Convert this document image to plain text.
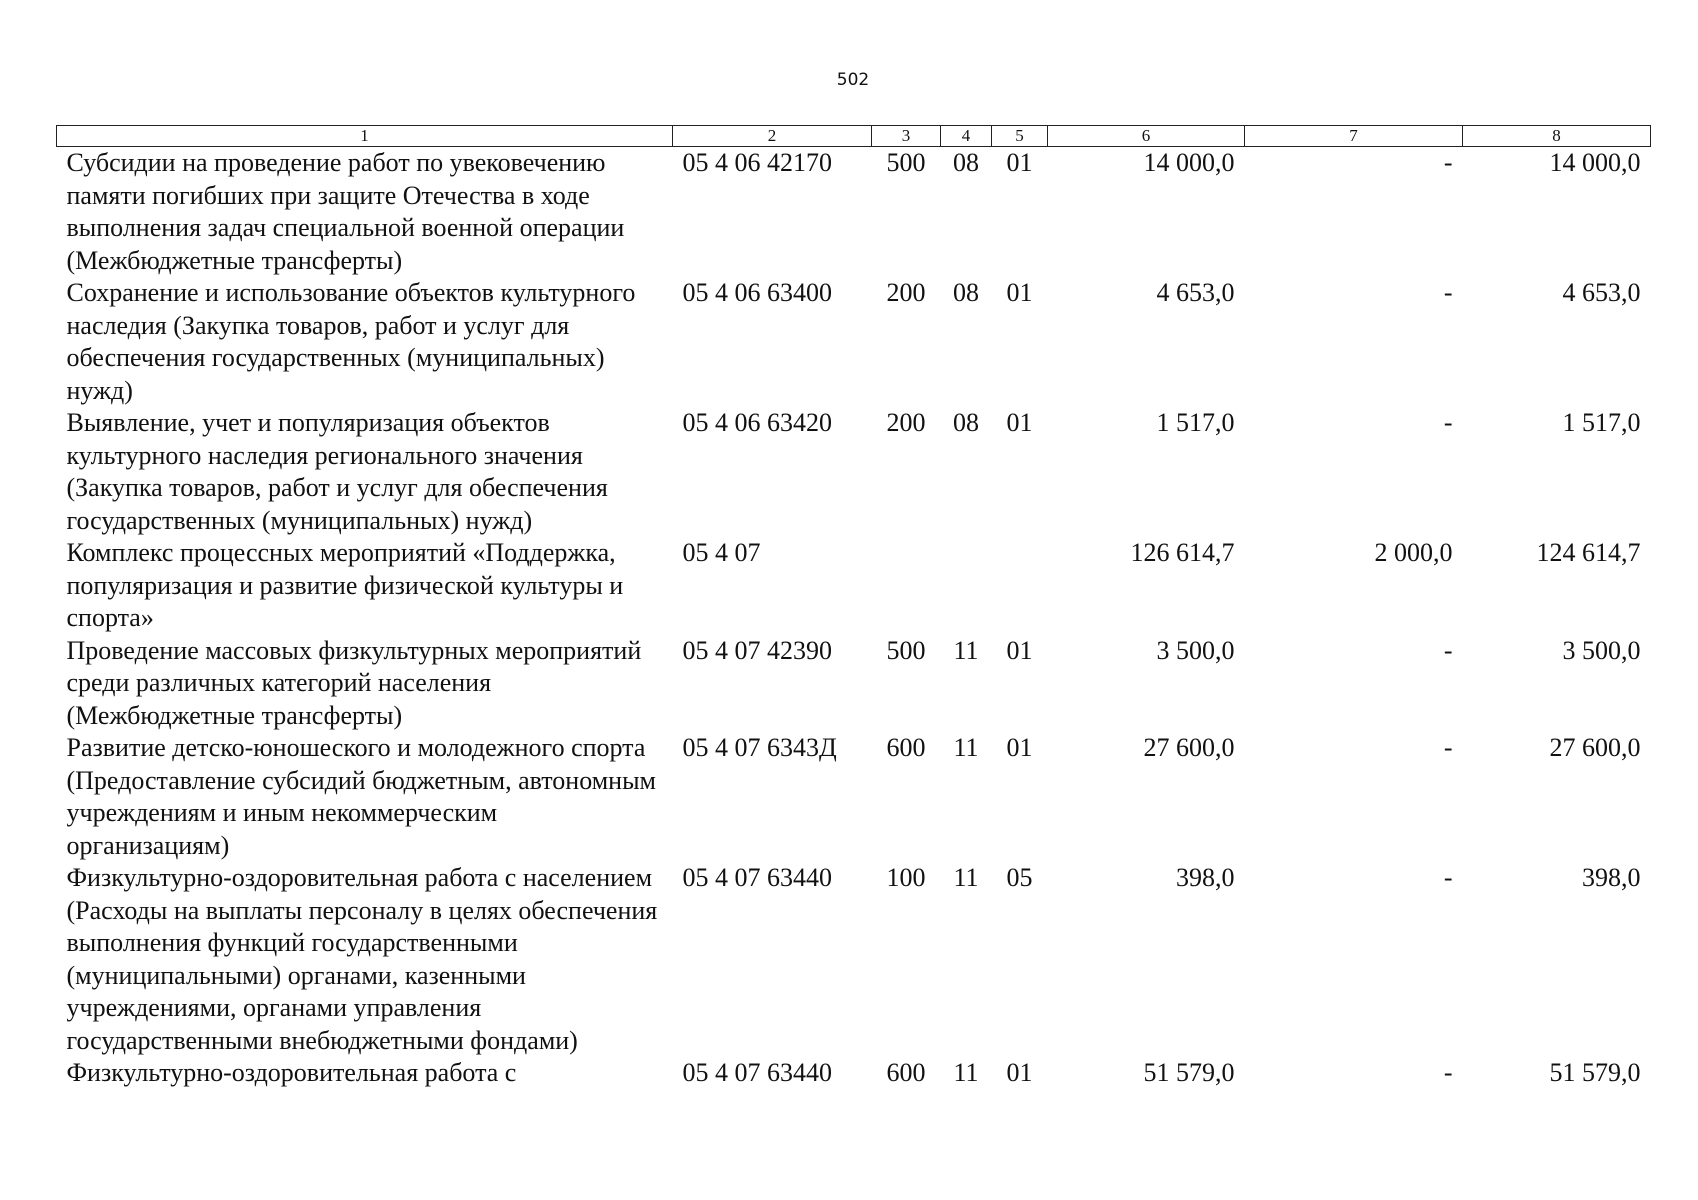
502
1	2	3	4	5	6	7	8
Субсидии на проведение работ по увековечению памяти погибших при защите Отечества в ходе выполнения задач специальной военной операции (Межбюджетные трансферты)	05 4 06 42170	500	08	01	14 000,0	-	14 000,0
Сохранение и использование объектов культурного наследия (Закупка товаров, работ и услуг для обеспечения государственных (муниципальных) нужд)	05 4 06 63400	200	08	01	4 653,0	-	4 653,0
Выявление, учет и популяризация объектов культурного наследия регионального значения (Закупка товаров, работ и услуг для обеспечения государственных (муниципальных) нужд)	05 4 06 63420	200	08	01	1 517,0	-	1 517,0
Комплекс процессных мероприятий «Поддержка, популяризация и развитие физической культуры и спорта»	05 4 07				126 614,7	2 000,0	124 614,7
Проведение массовых физкультурных мероприятий среди различных категорий населения (Межбюджетные трансферты)	05 4 07 42390	500	11	01	3 500,0	-	3 500,0
Развитие детско-юношеского и молодежного спорта (Предоставление субсидий бюджетным, автономным учреждениям и иным некоммерческим организациям)	05 4 07 6343Д	600	11	01	27 600,0	-	27 600,0
Физкультурно-оздоровительная работа с населением (Расходы на выплаты персоналу в целях обеспечения выполнения функций государственными (муниципальными) органами, казенными учреждениями, органами управления государственными внебюджетными фондами)	05 4 07 63440	100	11	05	398,0	-	398,0
Физкультурно-оздоровительная работа с	05 4 07 63440	600	11	01	51 579,0	-	51 579,0
